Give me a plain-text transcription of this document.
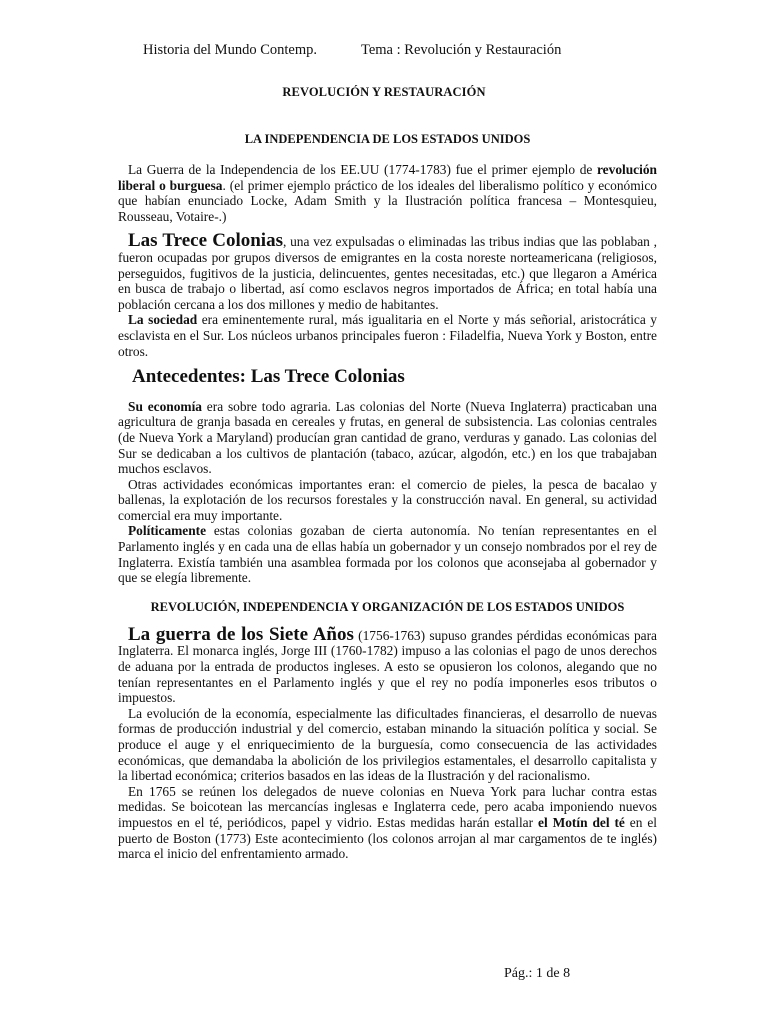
Historia del Mundo Contemp.	Tema : Revolución y Restauración
REVOLUCIÓN Y RESTAURACIÓN
LA INDEPENDENCIA DE LOS ESTADOS UNIDOS

La Guerra de la Independencia de los EE.UU (1774-1783) fue el primer ejemplo de revolución liberal o burguesa. (el primer ejemplo práctico de los ideales del liberalismo político y económico que habían enunciado Locke, Adam Smith y la Ilustración política francesa – Montesquieu, Rousseau, Votaire-.)

Las Trece Colonias, una vez expulsadas o eliminadas las tribus indias que las poblaban , fueron ocupadas por grupos diversos de emigrantes en la costa noreste norteamericana (religiosos, perseguidos, fugitivos de la justicia, delincuentes, gentes necesitadas, etc.) que llegaron a América en busca de trabajo o libertad, así como esclavos negros importados de África; en total había una población cercana a los dos millones y medio de habitantes.

La sociedad era eminentemente rural, más igualitaria en el Norte y más señorial, aristocrática y esclavista en el Sur. Los núcleos urbanos principales fueron : Filadelfia, Nueva York y Boston, entre otros.

Antecedentes: Las Trece Colonias

Su economía era sobre todo agraria. Las colonias del Norte (Nueva Inglaterra) practicaban una agricultura de granja basada en cereales y frutas, en general de subsistencia. Las colonias centrales (de Nueva York a Maryland) producían gran cantidad de grano, verduras y ganado. Las colonias del Sur se dedicaban a los cultivos de plantación (tabaco, azúcar, algodón, etc.) en los que trabajaban muchos esclavos.

Otras actividades económicas importantes eran: el comercio de pieles, la pesca de bacalao y ballenas, la explotación de los recursos forestales y la construcción naval. En general, su actividad comercial era muy importante.

Políticamente estas colonias gozaban de cierta autonomía. No tenían representantes en el Parlamento inglés y en cada una de ellas había un gobernador y un consejo nombrados por el rey de Inglaterra. Existía también una asamblea formada por los colonos que aconsejaba al gobernador y que se elegía libremente.

REVOLUCIÓN, INDEPENDENCIA Y ORGANIZACIÓN DE LOS ESTADOS UNIDOS

La guerra de los Siete Años (1756-1763) supuso grandes pérdidas económicas para Inglaterra. El monarca inglés, Jorge III (1760-1782) impuso a las colonias el pago de unos derechos de aduana por la entrada de productos ingleses. A esto se opusieron los colonos, alegando que no tenían representantes en el Parlamento inglés y que el rey no podía imponerles esos tributos o impuestos.

La evolución de la economía, especialmente las dificultades financieras, el desarrollo de nuevas formas de producción industrial y del comercio, estaban minando la situación política y social. Se produce el auge y el enriquecimiento de la burguesía, como consecuencia de las actividades económicas, que demandaba la abolición de los privilegios estamentales, el desarrollo capitalista y la libertad económica; criterios basados en las ideas de la Ilustración y del racionalismo.

En 1765 se reúnen los delegados de nueve colonias en Nueva York para luchar contra estas medidas. Se boicotean las mercancías inglesas e Inglaterra cede, pero acaba imponiendo nuevos impuestos en el té, periódicos, papel y vidrio. Estas medidas harán estallar el Motín del té en el puerto de Boston (1773) Este acontecimiento (los colonos arrojan al mar cargamentos de te inglés) marca el inicio del enfrentamiento armado.

Pág.: 1 de 8
